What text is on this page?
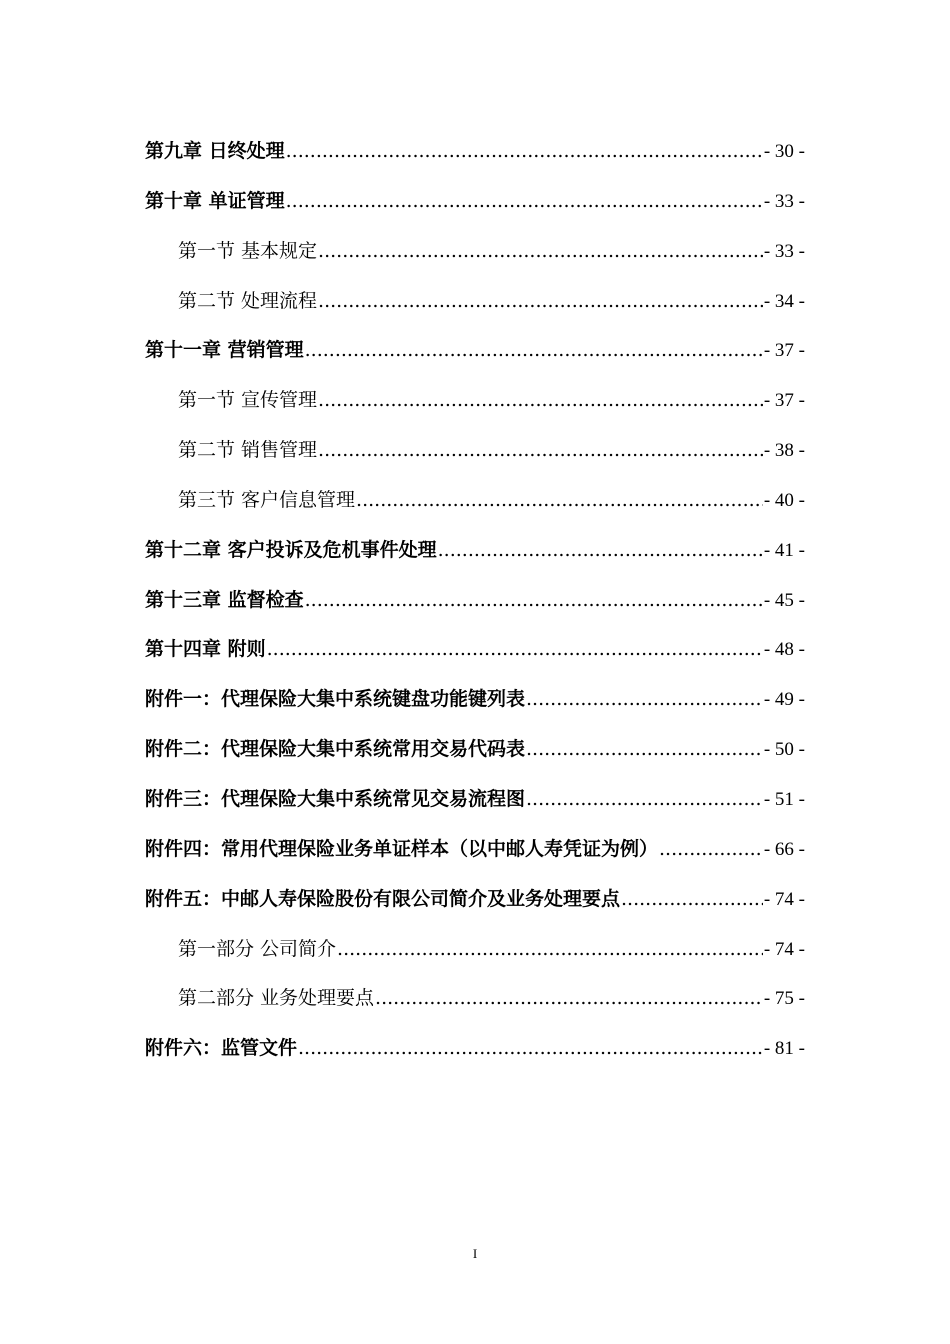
第九章 日终处理 .....	- 30 -
第十章 单证管理 .....	- 33 -
第一节 基本规定 .....	- 33 -
第二节 处理流程 .....	- 34 -
第十一章 营销管理 .....	- 37 -
第一节 宣传管理 .....	- 37 -
第二节 销售管理 .....	- 38 -
第三节 客户信息管理 .....	- 40 -
第十二章 客户投诉及危机事件处理 .....	- 41 -
第十三章 监督检查 .....	- 45 -
第十四章 附则 .....	- 48 -
附件一：代理保险大集中系统键盘功能键列表 .....	- 49 -
附件二：代理保险大集中系统常用交易代码表 .....	- 50 -
附件三：代理保险大集中系统常见交易流程图 .....	- 51 -
附件四：常用代理保险业务单证样本（以中邮人寿凭证为例） .....	- 66 -
附件五：中邮人寿保险股份有限公司简介及业务处理要点 .....	- 74 -
第一部分 公司简介 .....	- 74 -
第二部分 业务处理要点 .....	- 75 -
附件六：监管文件 .....	- 81 -
I
